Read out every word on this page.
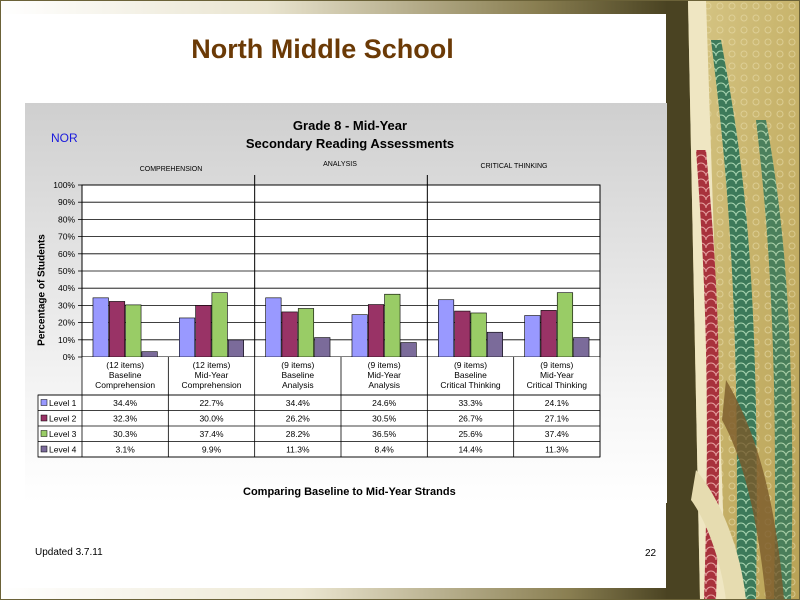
North Middle School
NOR
Grade 8 - Mid-Year
Secondary Reading Assessments
COMPREHENSION
ANALYSIS	CRITICAL THINKING
Percentage of Students
0%
10%
20%
30%
40%
50%
60%
70%
80%
90%
100%
(12 items)
Baseline
Comprehension
(12 items)
Mid-Year
Comprehension
(9 items)
Baseline
Analysis
(9 items)
Mid-Year
Analysis
(9 items)
Baseline
Critical Thinking
(9 items)
Mid-Year
Critical Thinking
Level 1	34.4%	22.7%	34.4%	24.6%	33.3%	24.1%
Level 2	32.3%	30.0%	26.2%	30.5%	26.7%	27.1%
Level 3	30.3%	37.4%	28.2%	36.5%	25.6%	37.4%
Level 4	3.1%	9.9%	11.3%	8.4%	14.4%	11.3%
Comparing Baseline to Mid-Year Strands
Updated 3.7.11	22
